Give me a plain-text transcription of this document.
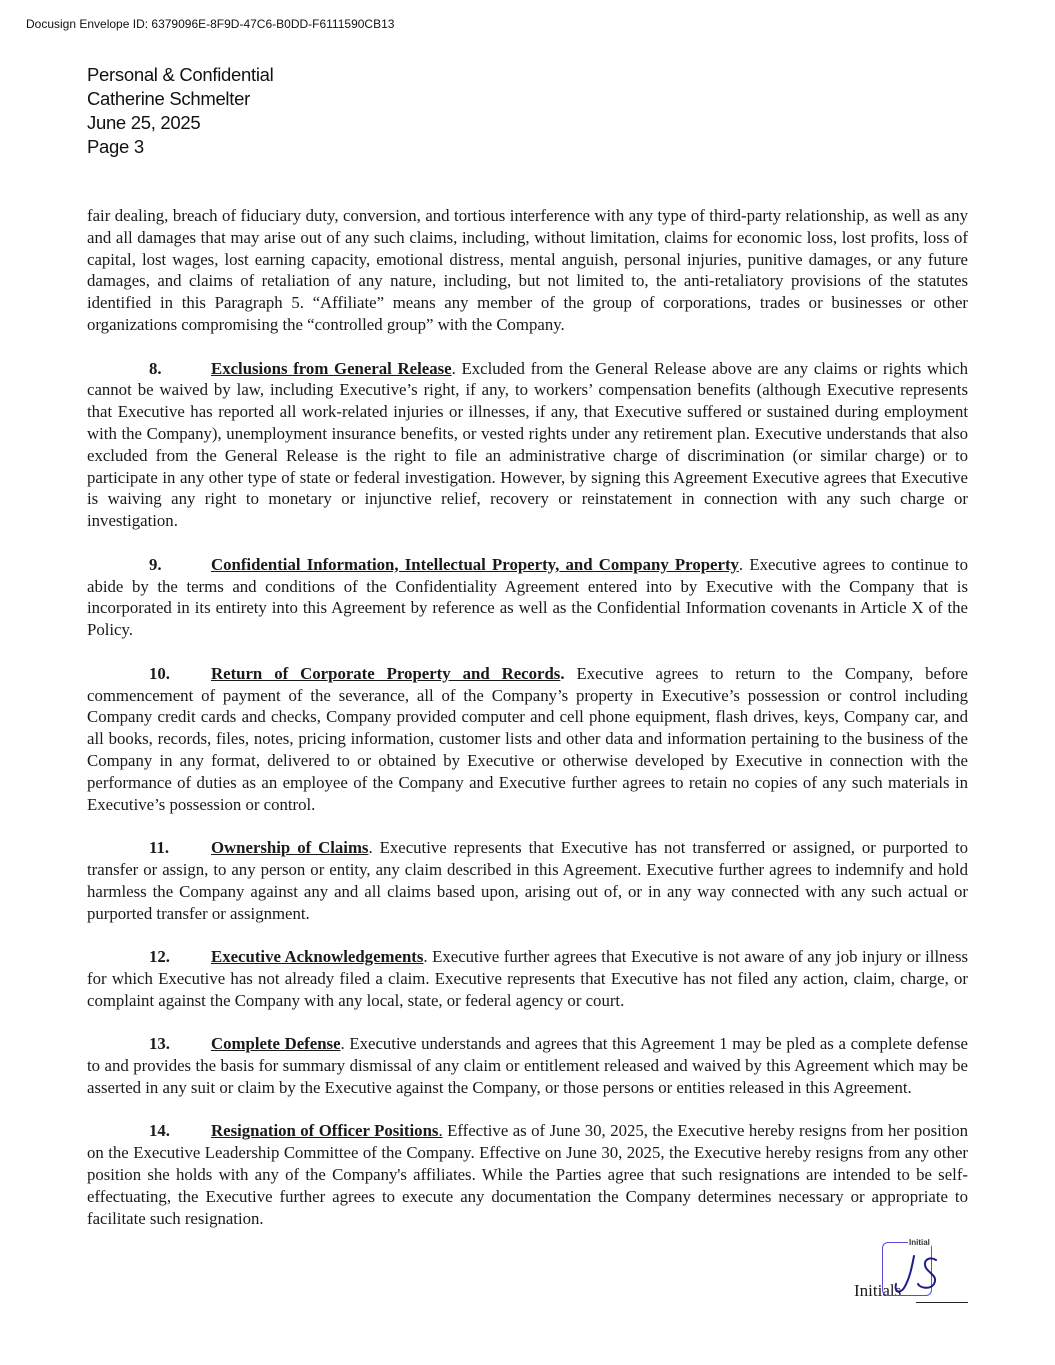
Docusign Envelope ID: 6379096E-8F9D-47C6-B0DD-F6111590CB13
Personal & Confidential
Catherine Schmelter
June 25, 2025
Page 3

fair dealing, breach of fiduciary duty, conversion, and tortious interference with any type of third-party relationship, as well as any and all damages that may arise out of any such claims, including, without limitation, claims for economic loss, lost profits, loss of capital, lost wages, lost earning capacity, emotional distress, mental anguish, personal injuries, punitive damages, or any future damages, and claims of retaliation of any nature, including, but not limited to, the anti-retaliatory provisions of the statutes identified in this Paragraph 5. “Affiliate” means any member of the group of corporations, trades or businesses or other organizations compromising the “controlled group” with the Company.

8.	Exclusions from General Release. Excluded from the General Release above are any claims or rights which cannot be waived by law, including Executive’s right, if any, to workers’ compensation benefits (although Executive represents that Executive has reported all work-related injuries or illnesses, if any, that Executive suffered or sustained during employment with the Company), unemployment insurance benefits, or vested rights under any retirement plan. Executive understands that also excluded from the General Release is the right to file an administrative charge of discrimination (or similar charge) or to participate in any other type of state or federal investigation. However, by signing this Agreement Executive agrees that Executive is waiving any right to monetary or injunctive relief, recovery or reinstatement in connection with any such charge or investigation.

9.	Confidential Information, Intellectual Property, and Company Property. Executive agrees to continue to abide by the terms and conditions of the Confidentiality Agreement entered into by Executive with the Company that is incorporated in its entirety into this Agreement by reference as well as the Confidential Information covenants in Article X of the Policy.

10. Return of Corporate Property and Records. Executive agrees to return to the Company, before commencement of payment of the severance, all of the Company’s property in Executive’s possession or control including Company credit cards and checks, Company provided computer and cell phone equipment, flash drives, keys, Company car, and all books, records, files, notes, pricing information, customer lists and other data and information pertaining to the business of the Company in any format, delivered to or obtained by Executive or otherwise developed by Executive in connection with the performance of duties as an employee of the Company and Executive further agrees to retain no copies of any such materials in Executive’s possession or control.

11. Ownership of Claims. Executive represents that Executive has not transferred or assigned, or purported to transfer or assign, to any person or entity, any claim described in this Agreement. Executive further agrees to indemnify and hold harmless the Company against any and all claims based upon, arising out of, or in any way connected with any such actual or purported transfer or assignment.

12. Executive Acknowledgements. Executive further agrees that Executive is not aware of any job injury or illness for which Executive has not already filed a claim. Executive represents that Executive has not filed any action, claim, charge, or complaint against the Company with any local, state, or federal agency or court.

13. Complete Defense. Executive understands and agrees that this Agreement 1 may be pled as a complete defense to and provides the basis for summary dismissal of any claim or entitlement released and waived by this Agreement which may be asserted in any suit or claim by the Executive against the Company, or those persons or entities released in this Agreement.

14. Resignation of Officer Positions. Effective as of June 30, 2025, the Executive hereby resigns from her position on the Executive Leadership Committee of the Company. Effective on June 30, 2025, the Executive hereby resigns from any other position she holds with any of the Company's affiliates. While the Parties agree that such resignations are intended to be self-effectuating, the Executive further agrees to execute any documentation the Company determines necessary or appropriate to facilitate such resignation.

Initials
Initial
